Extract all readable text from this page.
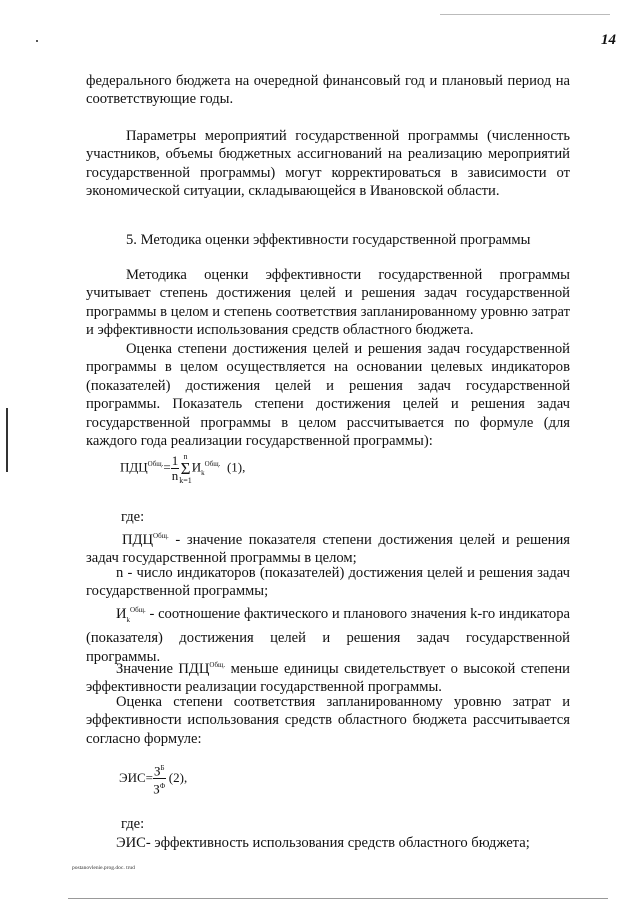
14

федерального бюджета на очередной финансовый год и плановый период на соответствующие годы.

Параметры мероприятий государственной программы (численность участников, объемы бюджетных ассигнований на реализацию мероприятий государственной программы) могут корректироваться в зависимости от экономической ситуации, складывающейся в Ивановской области.

5. Методика оценки эффективности государственной программы

Методика оценки эффективности государственной программы учитывает степень достижения целей и решения задач государственной программы в целом и степень соответствия запланированному уровню затрат и эффективности использования средств областного бюджета.

Оценка степени достижения целей и решения задач государственной программы в целом осуществляется на основании целевых индикаторов (показателей) достижения целей и решения задач государственной программы. Показатель степени достижения целей и решения задач государственной программы в целом рассчитывается по формуле (для каждого года реализации государственной программы):

$ПДЦ^{Общ.}= \frac{1}{n}$ n
Σ
k=1
$И_k^{Общ.}$ (1),
где:

$ПДЦ^{Общ.}$ - значение показателя степени достижения целей и решения задач государственной программы в целом;

n - число индикаторов (показателей) достижения целей и решения задач государственной программы;

$И_k^{Общ.}$ - соотношение фактического и планового значения k-го индикатора (показателя) достижения целей и решения задач государственной программы.

Значение $ПДЦ^{Общ.}$ меньше единицы свидетельствует о высокой степени эффективности реализации государственной программы.

Оценка степени соответствия запланированному уровню затрат и эффективности использования средств областного бюджета рассчитывается согласно формуле:

$ЭИС= \frac{З^Б}{З^Ф} (2)$,
где:

ЭИС- эффективность использования средств областного бюджета;

postanovlenie.prog.doc. trud
